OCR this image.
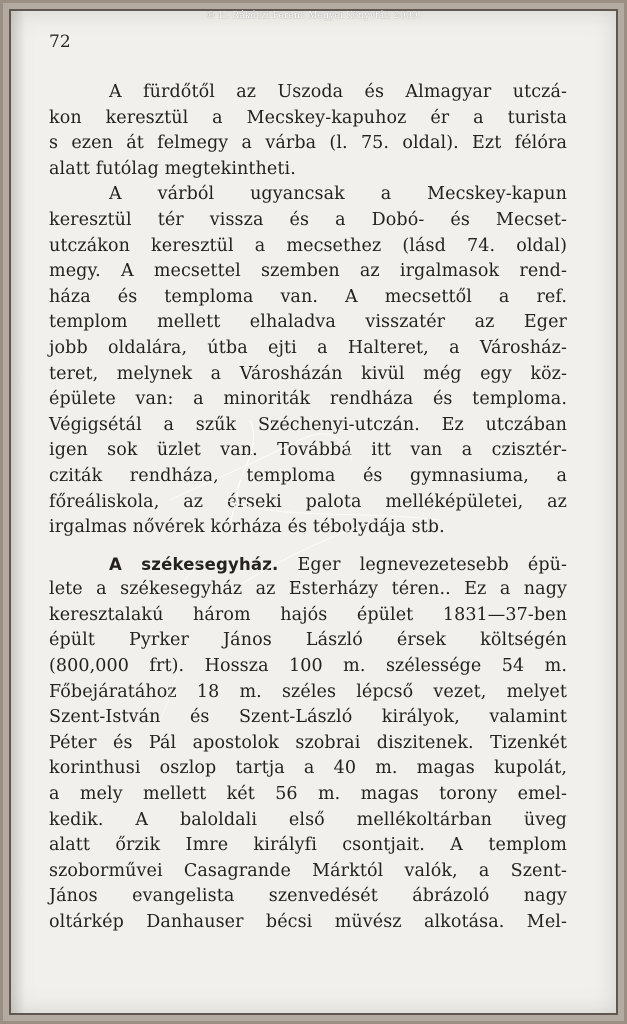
© II. Rákóczi Ferenc Megyei Könyvtár, 2009.
72
A fürdőtől az Uszoda és Almagyar utczá-
kon keresztül a Mecskey-kapuhoz ér a turista
s ezen át felmegy a várba (l. 75. oldal). Ezt félóra
alatt futólag megtekintheti.
A várból ugyancsak a Mecskey-kapun
keresztül tér vissza és a Dobó- és Mecset-
utczákon keresztül a mecsethez (lásd 74. oldal)
megy. A mecsettel szemben az irgalmasok rend-
háza és temploma van. A mecsettől a ref.
templom mellett elhaladva visszatér az Eger
jobb oldalára, útba ejti a Halteret, a Városház-
teret, melynek a Városházán kivül még egy köz-
épülete van: a minoriták rendháza és temploma.
Végigsétál a szűk Széchenyi-utczán. Ez utczában
igen sok üzlet van. Továbbá itt van a czisztér-
cziták rendháza, temploma és gymnasiuma, a
főreáliskola, az érseki palota melléképületei, az
irgalmas nővérek kórháza és tébolydája stb.
A székesegyház. Eger legnevezetesebb épü-
lete a székesegyház az Esterházy téren.. Ez a nagy
keresztalakú három hajós épület 1831—37-ben
épült Pyrker János László érsek költségén
(800,000 frt). Hossza 100 m. szélessége 54 m.
Főbejáratához 18 m. széles lépcső vezet, melyet
Szent-István és Szent-László királyok, valamint
Péter és Pál apostolok szobrai diszitenek. Tizenkét
korinthusi oszlop tartja a 40 m. magas kupolát,
a mely mellett két 56 m. magas torony emel-
kedik. A baloldali első mellékoltárban üveg
alatt őrzik Imre királyfi csontjait. A templom
szoborművei Casagrande Márktól valók, a Szent-
János evangelista szenvedését ábrázoló nagy
oltárkép Danhauser bécsi müvész alkotása. Mel-
